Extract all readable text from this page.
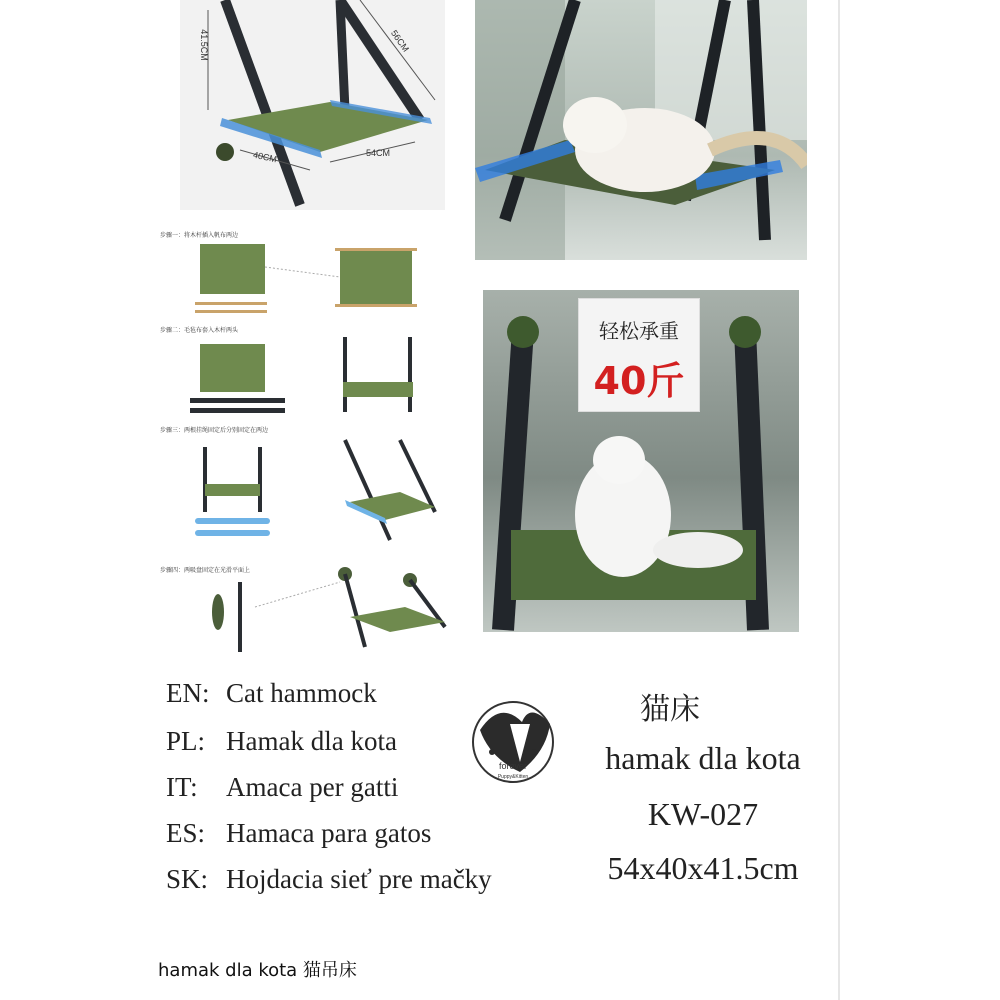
41.5CM	56CM
40CM	54CM
步骤一：将木杆插入帆布两边
步骤二：毛毡布套入木杆两头
步骤三：两根挂绳固定后分别固定在两边
步骤四：两吸盘固定在光滑平面上
轻松承重
40斤
EN: Cat hammock
PL: Hamak dla kota
IT: Amaca per gatti
ES: Hamaca para gatos
SK: Hojdacia sieť pre mačky
forever
Puppy&Kitten
猫床
hamak dla kota
KW-027
54x40x41.5cm
hamak dla kota 猫吊床
